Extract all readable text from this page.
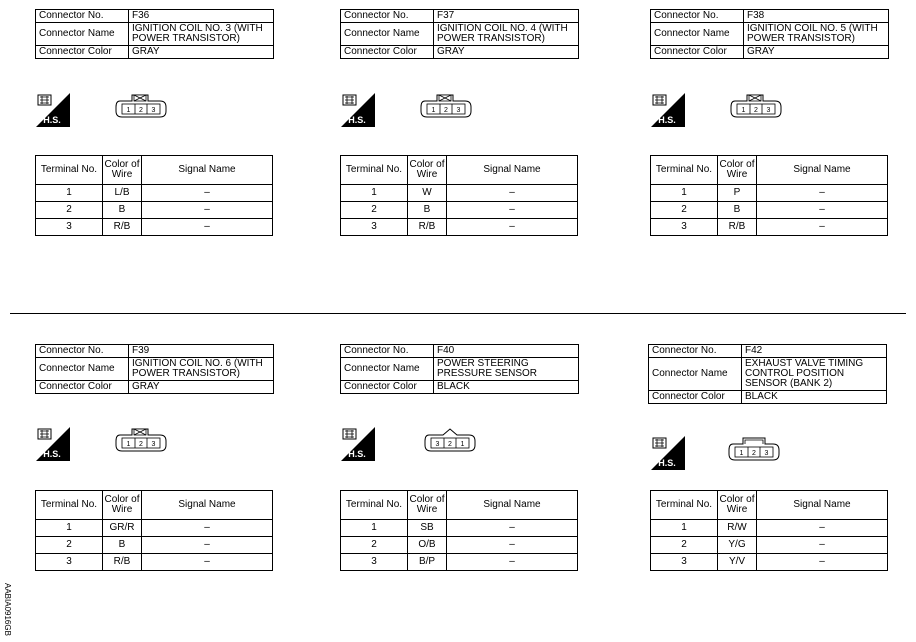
Connector No.	F36
Connector Name	IGNITION COIL NO. 3 (WITH POWER TRANSISTOR)
Connector Color	GRAY
Connector No.	F37
Connector Name	IGNITION COIL NO. 4 (WITH POWER TRANSISTOR)
Connector Color	GRAY
Connector No.	F38
Connector Name	IGNITION COIL NO. 5 (WITH POWER TRANSISTOR)
Connector Color	GRAY
Connector No.	F39
Connector Name	IGNITION COIL NO. 6 (WITH POWER TRANSISTOR)
Connector Color	GRAY
Connector No.	F40
Connector Name	POWER STEERING PRESSURE SENSOR
Connector Color	BLACK
Connector No.	F42
Connector Name	EXHAUST VALVE TIMING CONTROL POSITION SENSOR (BANK 2)
Connector Color	BLACK
H.S.	H.S.	H.S.
H.S.	H.S.
H.S.
1 2 3	1 2 3	1 2 3
1 2 3	3 2 1
1 2 3
Terminal No.	Color of Wire	Signal Name
1	L/B	–
2	B	–
3	R/B	–
Terminal No.	Color of Wire	Signal Name
1	W	–
2	B	–
3	R/B	–
Terminal No.	Color of Wire	Signal Name
1	P	–
2	B	–
3	R/B	–
Terminal No.	Color of Wire	Signal Name
1	GR/R	–
2	B	–
3	R/B	–
Terminal No.	Color of Wire	Signal Name
1	SB	–
2	O/B	–
3	B/P	–
Terminal No.	Color of Wire	Signal Name
1	R/W	–
2	Y/G	–
3	Y/V	–
AABIA0916GB
